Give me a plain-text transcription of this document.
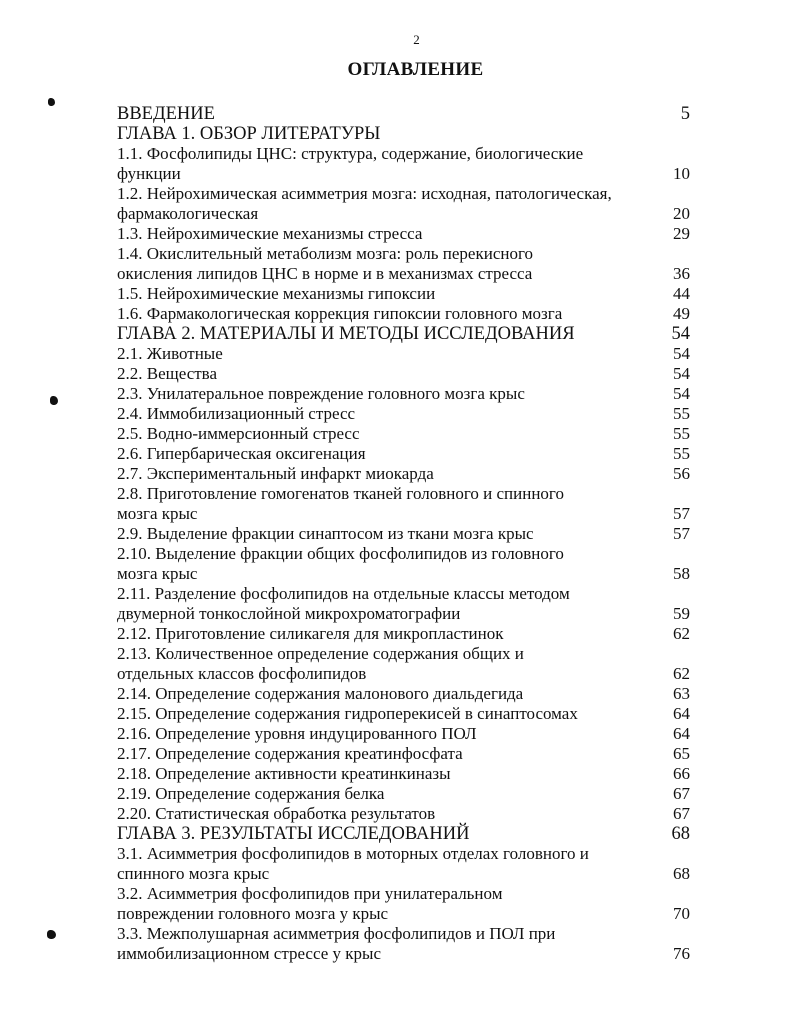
2
ОГЛАВЛЕНИЕ
ВВЕДЕНИЕ	5
ГЛАВА 1. ОБЗОР ЛИТЕРАТУРЫ
1.1. Фосфолипиды ЦНС: структура, содержание, биологические
функции	10
1.2. Нейрохимическая асимметрия мозга: исходная, патологическая,
фармакологическая	20
1.3. Нейрохимические механизмы стресса	29
1.4. Окислительный метаболизм мозга: роль перекисного
окисления липидов ЦНС в норме и в механизмах стресса	36
1.5. Нейрохимические механизмы гипоксии	44
1.6. Фармакологическая коррекция гипоксии головного мозга	49
ГЛАВА 2. МАТЕРИАЛЫ И МЕТОДЫ ИССЛЕДОВАНИЯ	54
2.1. Животные	54
2.2. Вещества	54
2.3. Унилатеральное повреждение головного мозга крыс	54
2.4. Иммобилизационный стресс	55
2.5. Водно-иммерсионный стресс	55
2.6. Гипербарическая оксигенация	55
2.7. Экспериментальный инфаркт миокарда	56
2.8. Приготовление гомогенатов тканей головного и спинного
мозга крыс	57
2.9. Выделение фракции синаптосом из ткани мозга крыс	57
2.10. Выделение фракции общих фосфолипидов из головного
мозга крыс	58
2.11. Разделение фосфолипидов на отдельные классы методом
двумерной тонкослойной микрохроматографии	59
2.12. Приготовление силикагеля для микропластинок	62
2.13. Количественное определение содержания общих и
отдельных классов фосфолипидов	62
2.14. Определение содержания малонового диальдегида	63
2.15. Определение содержания гидроперекисей в синаптосомах	64
2.16. Определение уровня индуцированного ПОЛ	64
2.17. Определение содержания креатинфосфата	65
2.18. Определение активности креатинкиназы	66
2.19. Определение содержания белка	67
2.20. Статистическая обработка результатов	67
ГЛАВА 3. РЕЗУЛЬТАТЫ ИССЛЕДОВАНИЙ	68
3.1. Асимметрия фосфолипидов в моторных отделах головного и
спинного мозга крыс	68
3.2. Асимметрия фосфолипидов при унилатеральном
повреждении головного мозга у крыс	70
3.3. Межполушарная асимметрия фосфолипидов и ПОЛ при
иммобилизационном стрессе у крыс	76
